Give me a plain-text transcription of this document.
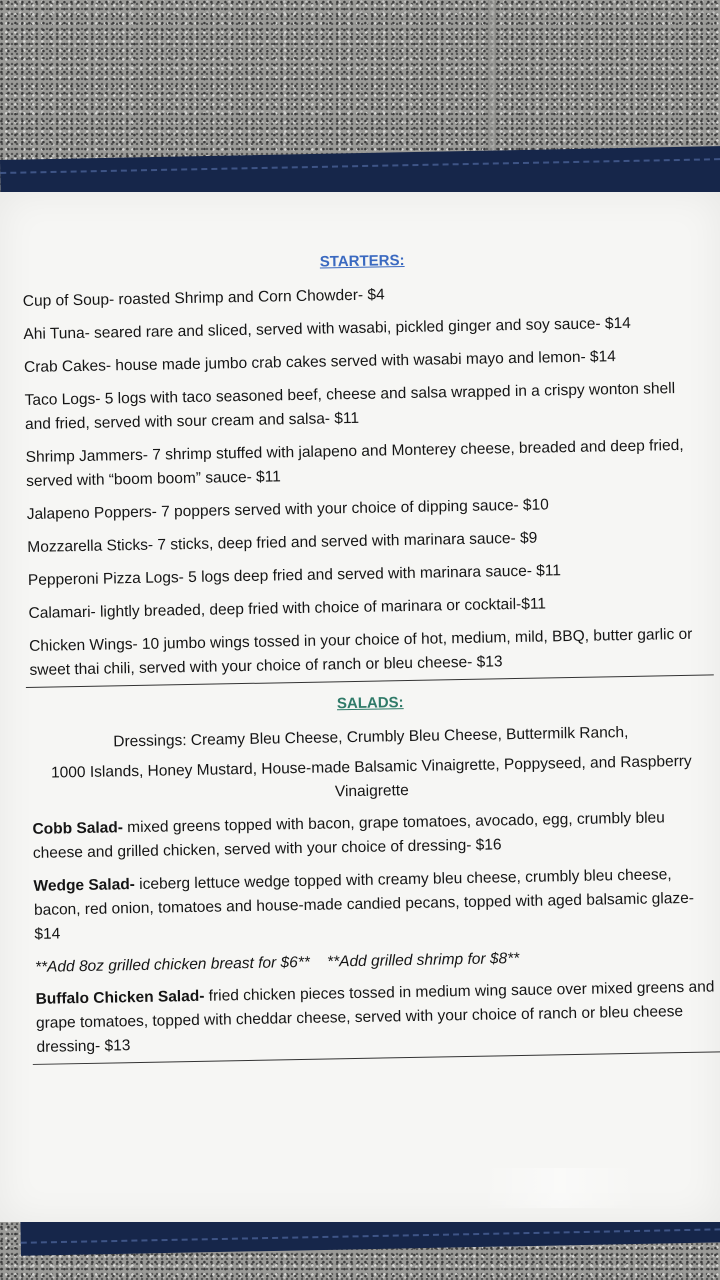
STARTERS:
Cup of Soup- roasted Shrimp and Corn Chowder- $4
Ahi Tuna- seared rare and sliced, served with wasabi, pickled ginger and soy sauce- $14
Crab Cakes- house made jumbo crab cakes served with wasabi mayo and lemon- $14
Taco Logs- 5 logs with taco seasoned beef, cheese and salsa wrapped in a crispy wonton shell and fried, served with sour cream and salsa- $11
Shrimp Jammers- 7 shrimp stuffed with jalapeno and Monterey cheese, breaded and deep fried, served with “boom boom” sauce- $11
Jalapeno Poppers- 7 poppers served with your choice of dipping sauce- $10
Mozzarella Sticks- 7 sticks, deep fried and served with marinara sauce- $9
Pepperoni Pizza Logs- 5 logs deep fried and served with marinara sauce- $11
Calamari- lightly breaded, deep fried with choice of marinara or cocktail-$11
Chicken Wings- 10 jumbo wings tossed in your choice of hot, medium, mild, BBQ, butter garlic or sweet thai chili, served with your choice of ranch or bleu cheese- $13
SALADS:

Dressings: Creamy Bleu Cheese, Crumbly Bleu Cheese, Buttermilk Ranch,

1000 Islands, Honey Mustard, House-made Balsamic Vinaigrette, Poppyseed, and Raspberry Vinaigrette

Cobb Salad- mixed greens topped with bacon, grape tomatoes, avocado, egg, crumbly bleu cheese and grilled chicken, served with your choice of dressing- $16
Wedge Salad- iceberg lettuce wedge topped with creamy bleu cheese, crumbly bleu cheese, bacon, red onion, tomatoes and house-made candied pecans, topped with aged balsamic glaze- $14
**Add 8oz grilled chicken breast for $6** **Add grilled shrimp for $8**
Buffalo Chicken Salad- fried chicken pieces tossed in medium wing sauce over mixed greens and grape tomatoes, topped with cheddar cheese, served with your choice of ranch or bleu cheese dressing- $13
